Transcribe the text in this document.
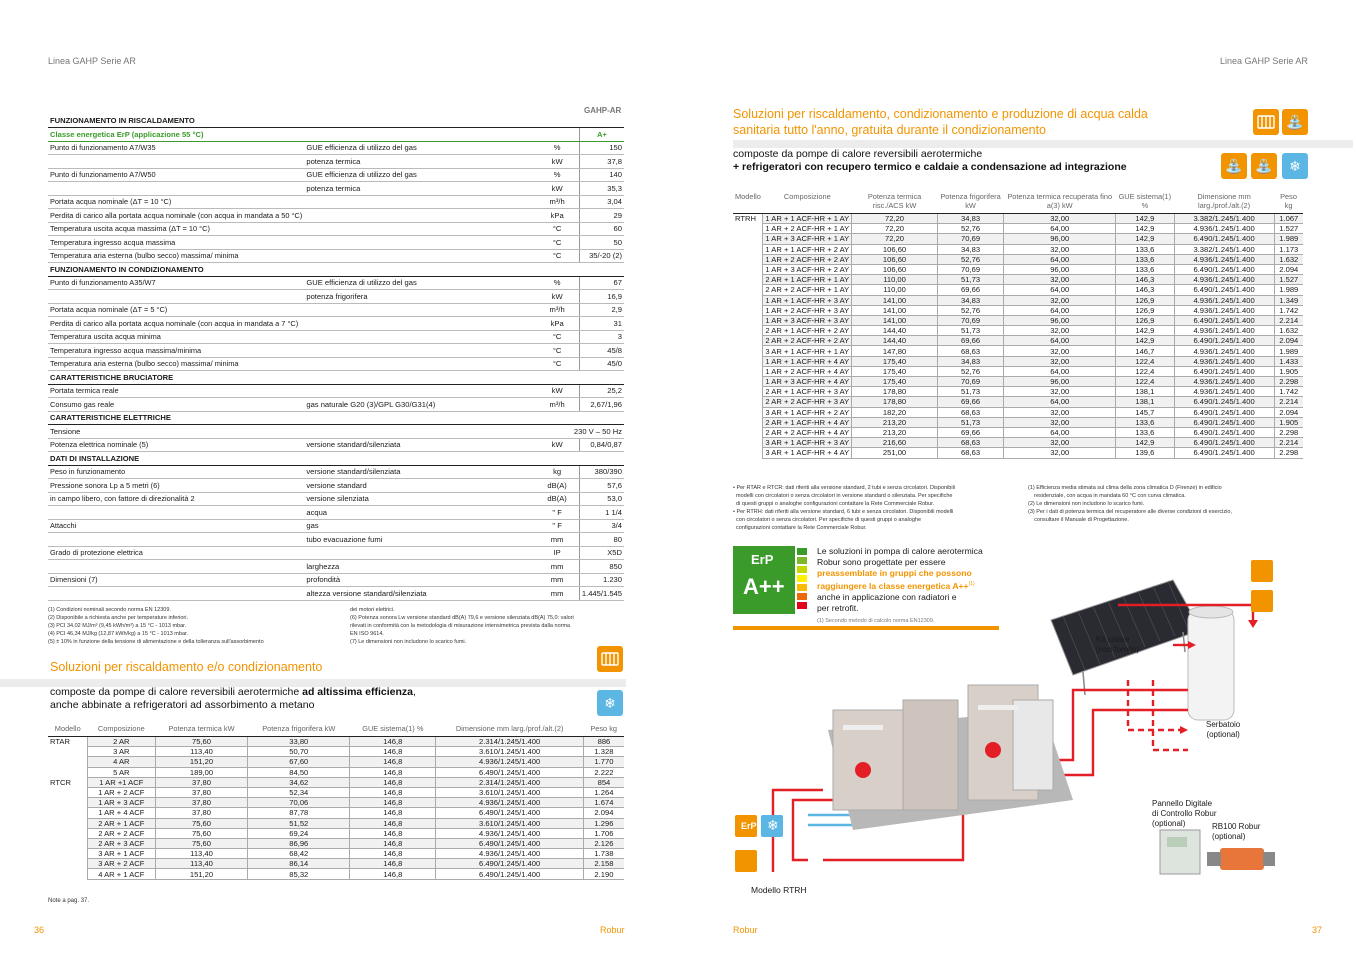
Linea GAHP Serie AR
GAHP-AR
FUNZIONAMENTO IN RISCALDAMENTO			
Classe energetica ErP (applicazione 55 °C)			A+
Punto di funzionamento A7/W35	GUE efficienza di utilizzo del gas	%	150
	potenza termica	kW	37,8
Punto di funzionamento A7/W50	GUE efficienza di utilizzo del gas	%	140
	potenza termica	kW	35,3
Portata acqua nominale (ΔT = 10 °C)		m³/h	3,04
Perdita di carico alla portata acqua nominale (con acqua in mandata a 50 °C)		kPa	29
Temperatura uscita acqua massima (ΔT = 10 °C)		°C	60
Temperatura ingresso acqua massima		°C	50
Temperatura aria esterna (bulbo secco) massima/ minima		°C	35/-20 (2)
FUNZIONAMENTO IN CONDIZIONAMENTO			
Punto di funzionamento A35/W7	GUE efficienza di utilizzo del gas	%	67
	potenza frigorifera	kW	16,9
Portata acqua nominale (ΔT = 5 °C)		m³/h	2,9
Perdita di carico alla portata acqua nominale (con acqua in mandata a 7 °C)		kPa	31
Temperatura uscita acqua minima		°C	3
Temperatura ingresso acqua massima/minima		°C	45/8
Temperatura aria esterna (bulbo secco) massima/ minima		°C	45/0
CARATTERISTICHE BRUCIATORE			
Portata termica reale		kW	25,2
Consumo gas reale	gas naturale G20 (3)/GPL G30/G31(4)	m³/h	2,67/1,96
CARATTERISTICHE ELETTRICHE			
Tensione	230 V – 50 Hz		
Potenza elettrica nominale (5)	versione standard/silenziata	kW	0,84/0,87
DATI DI INSTALLAZIONE			
Peso in funzionamento	versione standard/silenziata	kg	380/390
Pressione sonora Lp a 5 metri (6)	versione standard	dB(A)	57,6
in campo libero, con fattore di direzionalità 2	versione silenziata	dB(A)	53,0
	acqua	" F	1 1/4
Attacchi	gas	" F	3/4
	tubo evacuazione fumi	mm	80
Grado di protezione elettrica		IP	X5D
	larghezza	mm	850
Dimensioni (7)	profondità	mm	1.230
	altezza versione standard/silenziata	mm	1.445/1.545
(1) Condizioni nominali secondo norma EN 12309.
(2) Disponibile a richiesta anche per temperature inferiori.
(3) PCI 34,02 MJ/m³ (9,45 kWh/m³) a 15 °C - 1013 mbar.
(4) PCI 46,34 MJ/kg (12,87 kWh/kg) a 15 °C - 1013 mbar.
(5) ± 10% in funzione della tensione di alimentazione e della tolleranza sull'assorbimento
dei motori elettrici.
(6) Potenza sonora Lw versione standard dB(A) 79,6 e versione silenziata dB(A) 75,0: valori
rilevati in conformità con la metodologia di misurazione intensimetrica prevista dalla norma
EN ISO 9614.
(7) Le dimensioni non includono lo scarico fumi.
Soluzioni per riscaldamento e/o condizionamento
composte da pompe di calore reversibili aerotermiche ad altissima efficienza,
anche abbinate a refrigeratori ad assorbimento a metano	❄
Modello	Composizione	Potenza termica kW	Potenza frigorifera kW	GUE sistema(1) %	Dimensione mm larg./prof./alt.(2)	Peso kg
RTAR	2 AR	75,60	33,80	146,8	2.314/1.245/1.400	886
	3 AR	113,40	50,70	146,8	3.610/1.245/1.400	1.328
	4 AR	151,20	67,60	146,8	4.936/1.245/1.400	1.770
	5 AR	189,00	84,50	146,8	6.490/1.245/1.400	2.222
RTCR	1 AR +1 ACF	37,80	34,62	146,8	2.314/1.245/1.400	854
	1 AR + 2 ACF	37,80	52,34	146,8	3.610/1.245/1.400	1.264
	1 AR + 3 ACF	37,80	70,06	146,8	4.936/1.245/1.400	1.674
	1 AR + 4 ACF	37,80	87,78	146,8	6.490/1.245/1.400	2.094
	2 AR + 1 ACF	75,60	51,52	146,8	3.610/1.245/1.400	1.296
	2 AR + 2 ACF	75,60	69,24	146,8	4.936/1.245/1.400	1.706
	2 AR + 3 ACF	75,60	86,96	146,8	6.490/1.245/1.400	2.126
	3 AR + 1 ACF	113,40	68,42	146,8	4.936/1.245/1.400	1.738
	3 AR + 2 ACF	113,40	86,14	146,8	6.490/1.245/1.400	2.158
	4 AR + 1 ACF	151,20	85,32	146,8	6.490/1.245/1.400	2.190
Note a pag. 37.
36	Robur
Linea GAHP Serie AR
Soluzioni per riscaldamento, condizionamento e produzione di acqua calda
sanitaria tutto l'anno, gratuita durante il condizionamento
⛲
composte da pompe di calore reversibili aerotermiche
+ refrigeratori con recupero termico e caldaie a condensazione ad integrazione	⛲ ⛲	❄
Modello	Composizione	Potenza termica risc./ACS kW	Potenza frigorifera kW	Potenza termica recuperata fino a(3) kW	GUE sistema(1) %	Dimensione mm larg./prof./alt.(2)	Peso kg
RTRH	1 AR + 1 ACF-HR + 1 AY	72,20	34,83	32,00	142,9	3.382/1.245/1.400	1.067
	1 AR + 2 ACF-HR + 1 AY	72,20	52,76	64,00	142,9	4.936/1.245/1.400	1.527
	1 AR + 3 ACF-HR + 1 AY	72,20	70,69	96,00	142,9	6.490/1.245/1.400	1.989
	1 AR + 1 ACF-HR + 2 AY	106,60	34,83	32,00	133,6	3.382/1.245/1.400	1.173
	1 AR + 2 ACF-HR + 2 AY	106,60	52,76	64,00	133,6	4.936/1.245/1.400	1.632
	1 AR + 3 ACF-HR + 2 AY	106,60	70,69	96,00	133,6	6.490/1.245/1.400	2.094
	2 AR + 1 ACF-HR + 1 AY	110,00	51,73	32,00	146,3	4.936/1.245/1.400	1.527
	2 AR + 2 ACF-HR + 1 AY	110,00	69,66	64,00	146,3	6.490/1.245/1.400	1.989
	1 AR + 1 ACF-HR + 3 AY	141,00	34,83	32,00	126,9	4.936/1.245/1.400	1.349
	1 AR + 2 ACF-HR + 3 AY	141,00	52,76	64,00	126,9	4.936/1.245/1.400	1.742
	1 AR + 3 ACF-HR + 3 AY	141,00	70,69	96,00	126,9	6.490/1.245/1.400	2.214
	2 AR + 1 ACF-HR + 2 AY	144,40	51,73	32,00	142,9	4.936/1.245/1.400	1.632
	2 AR + 2 ACF-HR + 2 AY	144,40	69,66	64,00	142,9	6.490/1.245/1.400	2.094
	3 AR + 1 ACF-HR + 1 AY	147,80	68,63	32,00	146,7	4.936/1.245/1.400	1.989
	1 AR + 1 ACF-HR + 4 AY	175,40	34,83	32,00	122,4	4.936/1.245/1.400	1.433
	1 AR + 2 ACF-HR + 4 AY	175,40	52,76	64,00	122,4	6.490/1.245/1.400	1.905
	1 AR + 3 ACF-HR + 4 AY	175,40	70,69	96,00	122,4	4.936/1.245/1.400	2.298
	2 AR + 1 ACF-HR + 3 AY	178,80	51,73	32,00	138,1	4.936/1.245/1.400	1.742
	2 AR + 2 ACF-HR + 3 AY	178,80	69,66	64,00	138,1	6.490/1.245/1.400	2.214
	3 AR + 1 ACF-HR + 2 AY	182,20	68,63	32,00	145,7	6.490/1.245/1.400	2.094
	2 AR + 1 ACF-HR + 4 AY	213,20	51,73	32,00	133,6	6.490/1.245/1.400	1.905
	2 AR + 2 ACF-HR + 4 AY	213,20	69,66	64,00	133,6	6.490/1.245/1.400	2.298
	3 AR + 1 ACF-HR + 3 AY	216,60	68,63	32,00	142,9	6.490/1.245/1.400	2.214
	3 AR + 1 ACF-HR + 4 AY	251,00	68,63	32,00	139,6	6.490/1.245/1.400	2.298
• Per RTAR e RTCR: dati riferiti alla versione standard, 2 tubi e senza circolatori. Disponibili
modelli con circolatori o senza circolatori in versione standard o silenziata. Per specifiche
di questi gruppi o analoghe configurazioni contattare la Rete Commerciale Robur.
• Per RTRH: dati riferiti alla versione standard, 6 tubi e senza circolatori. Disponibili modelli
con circolatori o senza circolatori. Per specifiche di questi gruppi o analoghe
configurazioni contattare la Rete Commerciale Robur.
(1) Efficienza media stimata sul clima della zona climatica D (Firenze) in edificio
residenziale, con acqua in mandata 60 °C con curva climatica.
(2) Le dimensioni non includono lo scarico fumi.
(3) Per i dati di potenza termica del recuperatore alle diverse condizioni di esercizio,
consultare il Manuale di Progettazione.
ErP
A++
Le soluzioni in pompa di calore aerotermica
Robur sono progettate per essere
preassemblate in gruppi che possono
raggiungere la classe energetica A++$^{(1)}$
anche in applicazione con radiatori e
per retrofit.
(1) Secondo metodo di calcolo norma EN12309.
ErP ❄
Kit solare
(non fornito)
Serbatoio
(optional)
Pannello Digitale
di Controllo Robur
(optional)	RB100 Robur
(optional)
Modello RTRH
Robur	37
